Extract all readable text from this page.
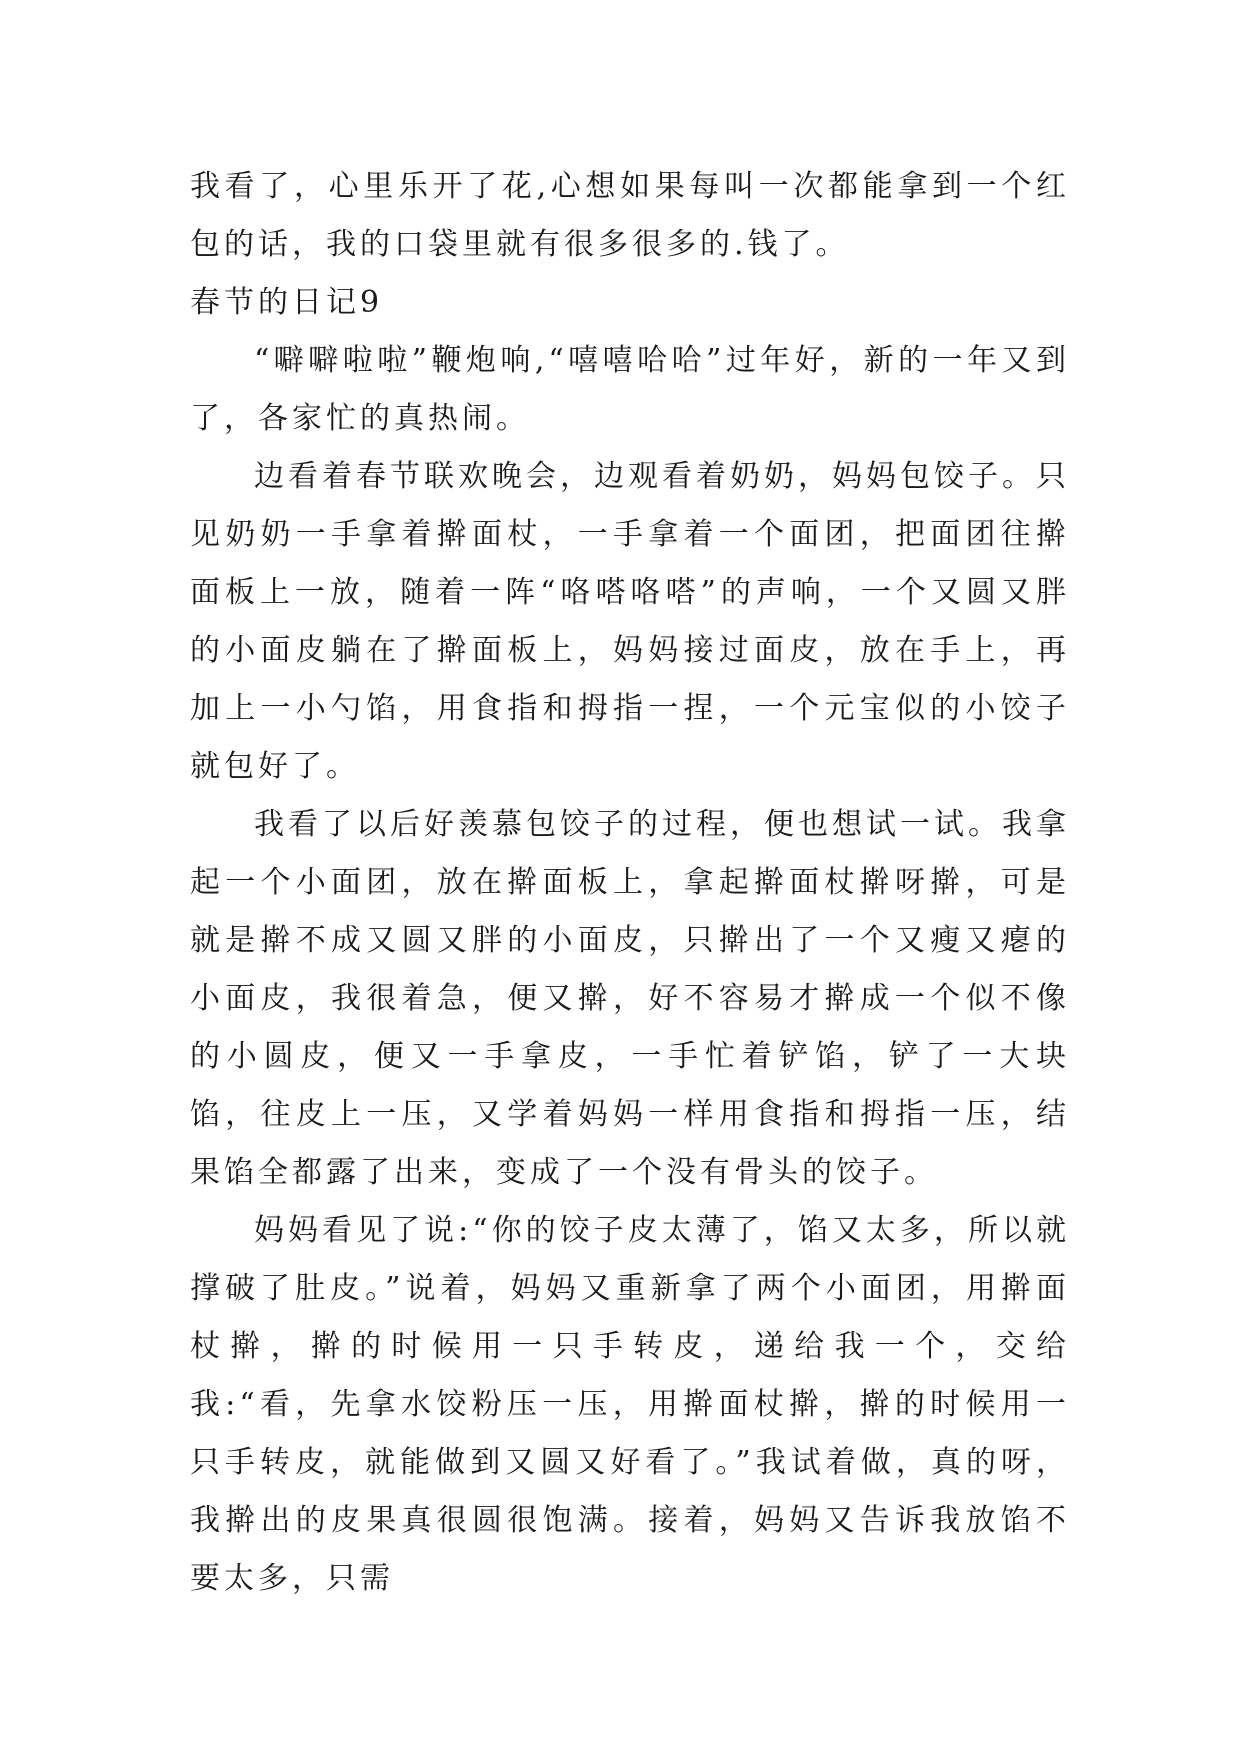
我看了，心里乐开了花,心想如果每叫一次都能拿到一个红包的话，我的口袋里就有很多很多的.钱了。

春节的日记9

“噼噼啦啦”鞭炮响,“嘻嘻哈哈”过年好，新的一年又到了，各家忙的真热闹。

边看着春节联欢晚会，边观看着奶奶，妈妈包饺子。只见奶奶一手拿着擀面杖，一手拿着一个面团，把面团往擀面板上一放，随着一阵“咯嗒咯嗒”的声响，一个又圆又胖的小面皮躺在了擀面板上，妈妈接过面皮，放在手上，再加上一小勺馅，用食指和拇指一捏，一个元宝似的小饺子就包好了。

我看了以后好羡慕包饺子的过程，便也想试一试。我拿起一个小面团，放在擀面板上，拿起擀面杖擀呀擀，可是就是擀不成又圆又胖的小面皮，只擀出了一个又瘦又瘪的小面皮，我很着急，便又擀，好不容易才擀成一个似不像的小圆皮，便又一手拿皮，一手忙着铲馅，铲了一大块馅，往皮上一压，又学着妈妈一样用食指和拇指一压，结果馅全都露了出来，变成了一个没有骨头的饺子。

妈妈看见了说:“你的饺子皮太薄了，馅又太多，所以就撑破了肚皮。”说着，妈妈又重新拿了两个小面团，用擀面杖擀，擀的时候用一只手转皮，递给我一个，交给我:“看，先拿水饺粉压一压，用擀面杖擀，擀的时候用一只手转皮，就能做到又圆又好看了。”我试着做，真的呀，我擀出的皮果真很圆很饱满。接着，妈妈又告诉我放馅不要太多，只需
